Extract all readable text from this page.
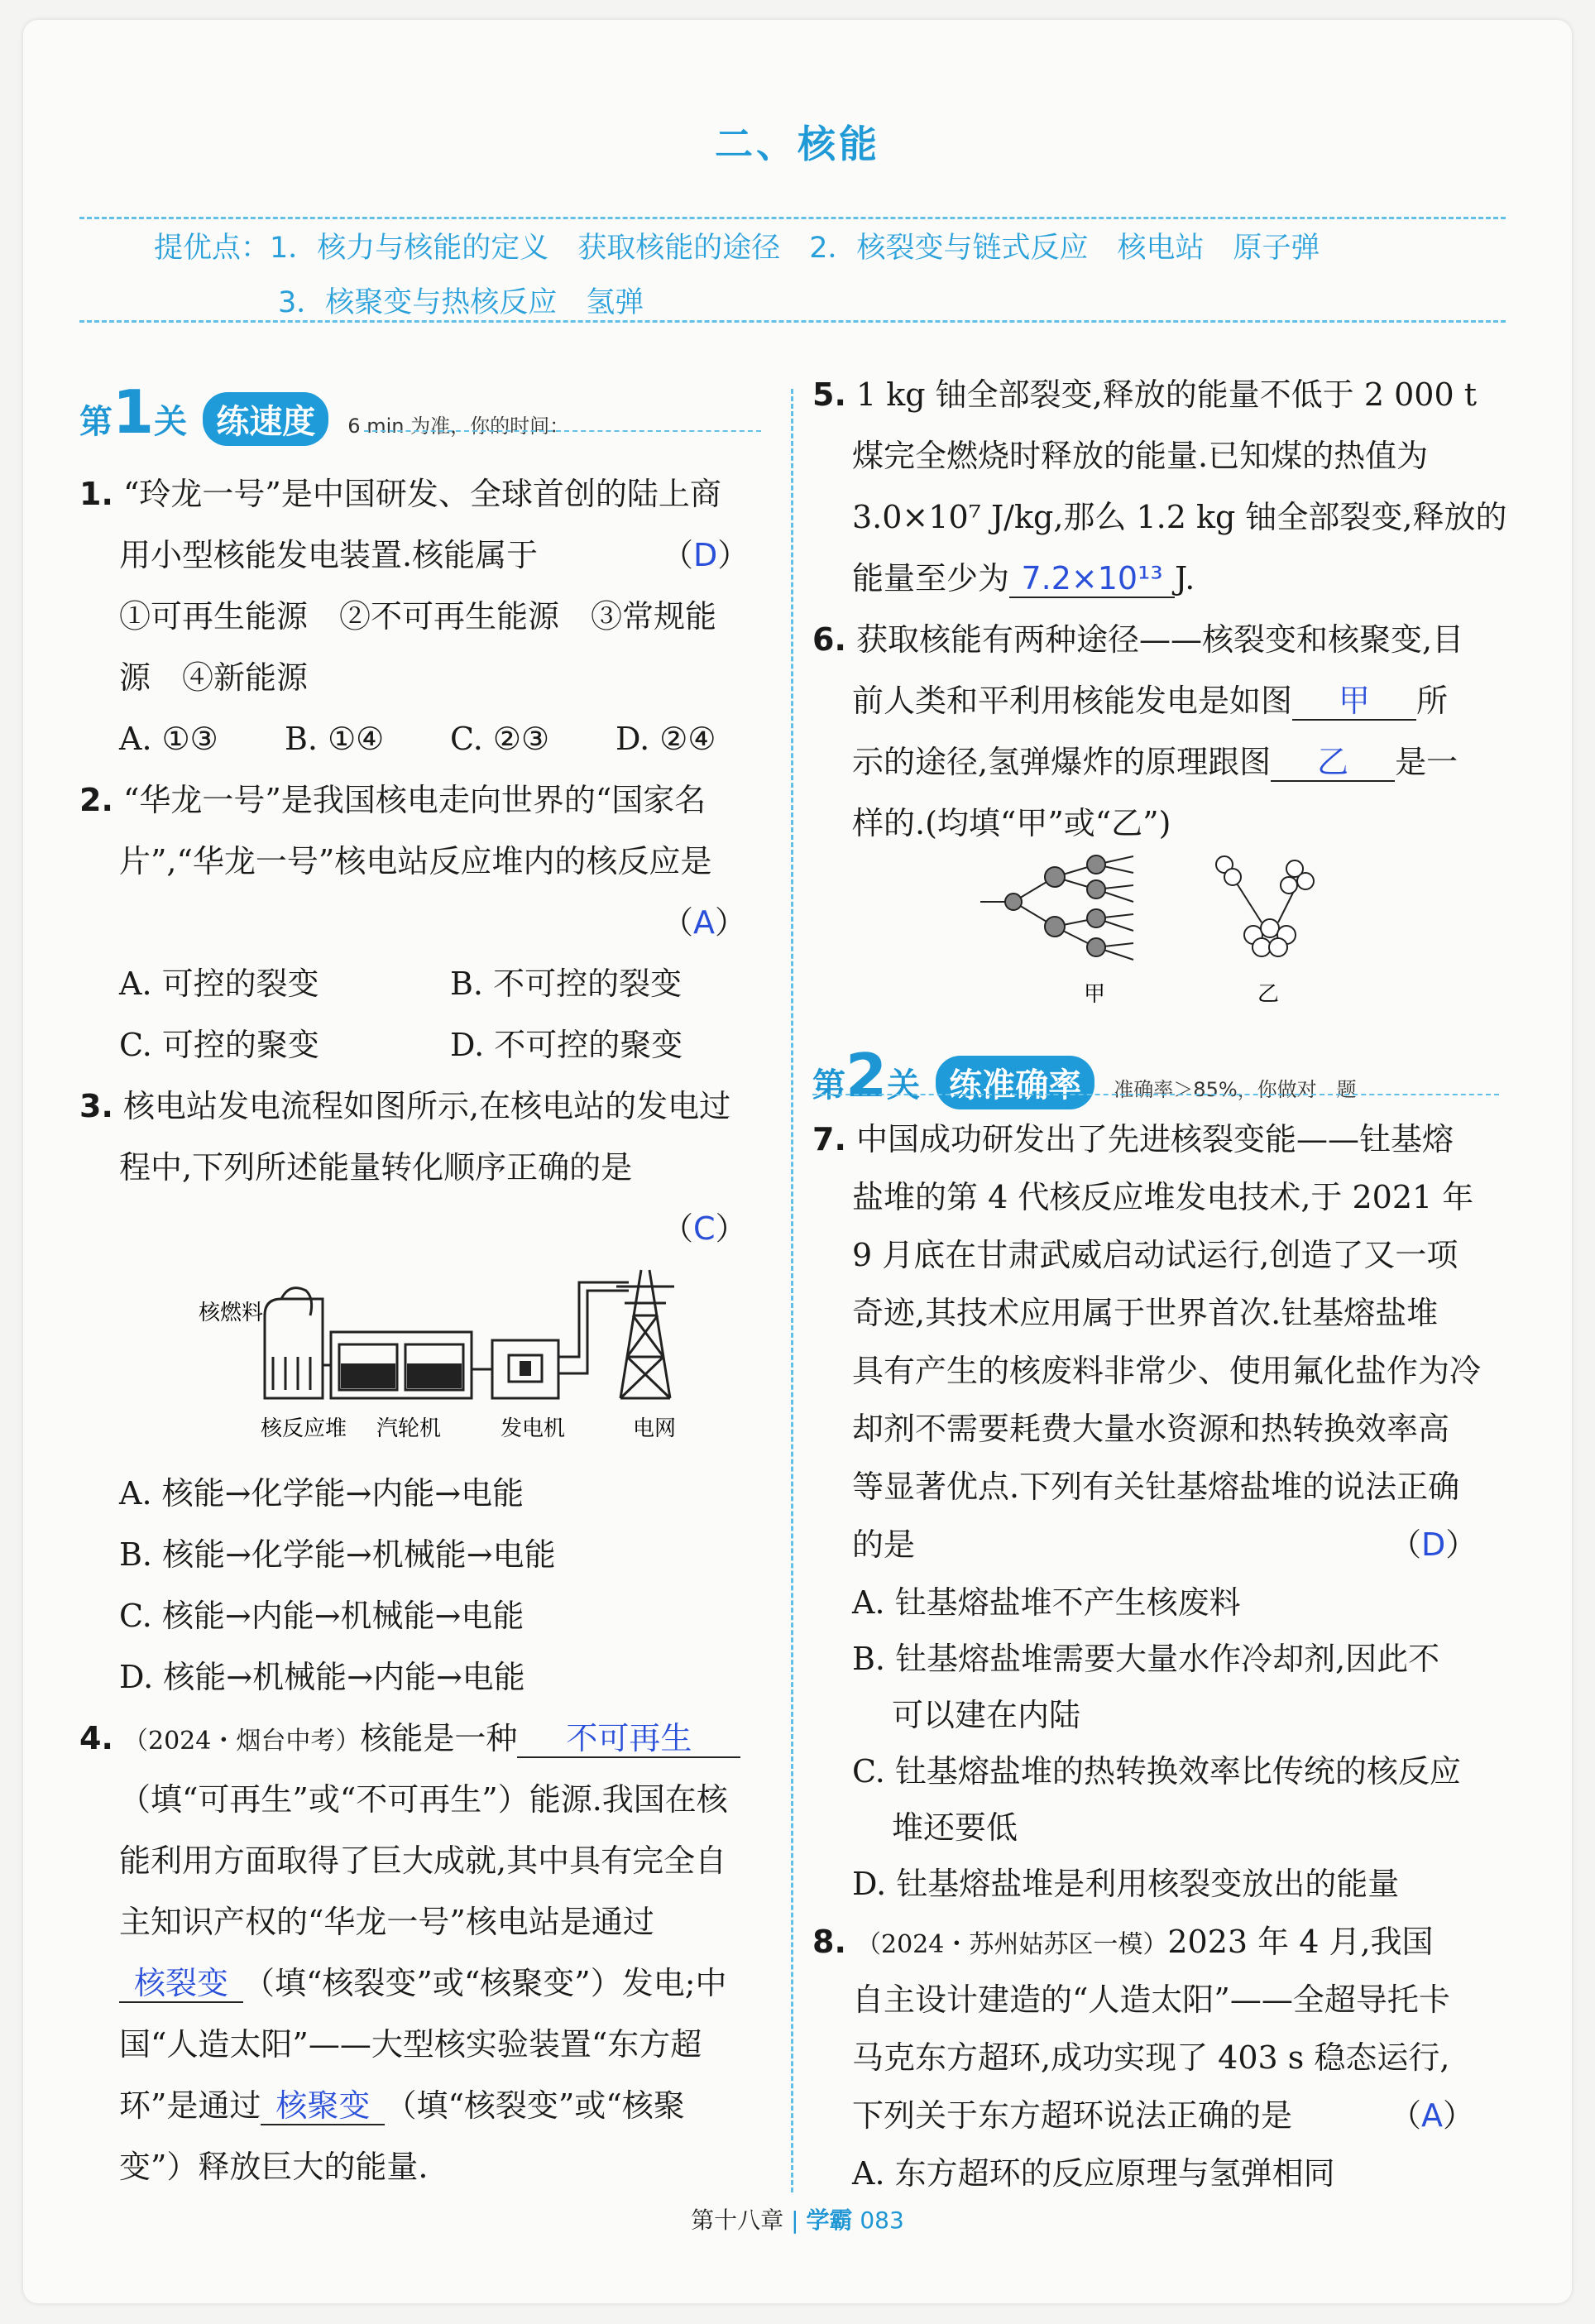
二、核能
提优点：1．核力与核能的定义　获取核能的途径　2．核裂变与链式反应　核电站　原子弹
3．核聚变与热核反应　氢弹
第1关 练速度 6 min 为准，你的时间：
1. “玲龙一号”是中国研发、全球首创的陆上商
用小型核能发电装置.核能属于	（D）
①可再生能源　②不可再生能源　③常规能
源　④新能源
A. ①③ B. ①④ C. ②③ D. ②④
2. “华龙一号”是我国核电走向世界的“国家名
片”,“华龙一号”核电站反应堆内的核反应是
（A）
A. 可控的裂变	B. 不可控的裂变
C. 可控的聚变	D. 不可控的聚变
3. 核电站发电流程如图所示,在核电站的发电过
程中,下列所述能量转化顺序正确的是
（C）
核燃料
核反应堆 汽轮机	发电机	电网
A. 核能→化学能→内能→电能
B. 核能→化学能→机械能→电能
C. 核能→内能→机械能→电能
D. 核能→机械能→内能→电能
4. （2024・烟台中考）核能是一种 不可再生
（填“可再生”或“不可再生”）能源.我国在核
能利用方面取得了巨大成就,其中具有完全自
主知识产权的“华龙一号”核电站是通过
核裂变 （填“核裂变”或“核聚变”）发电;中
国“人造太阳”——大型核实验装置“东方超
环”是通过 核聚变 （填“核裂变”或“核聚
变”）释放巨大的能量.
5. 1 kg 铀全部裂变,释放的能量不低于 2 000 t
煤完全燃烧时释放的能量.已知煤的热值为
3.0×10⁷ J/kg,那么 1.2 kg 铀全部裂变,释放的
能量至少为 7.2×10¹³ J.
6. 获取核能有两种途径——核裂变和核聚变,目
前人类和平利用核能发电是如图 甲 所
示的途径,氢弹爆炸的原理跟图 乙 是一
样的.(均填“甲”或“乙”)
甲	乙
第2关 练准确率 准确率＞85%，你做对　题
7. 中国成功研发出了先进核裂变能——钍基熔
盐堆的第 4 代核反应堆发电技术,于 2021 年
9 月底在甘肃武威启动试运行,创造了又一项
奇迹,其技术应用属于世界首次.钍基熔盐堆
具有产生的核废料非常少、使用氟化盐作为冷
却剂不需要耗费大量水资源和热转换效率高
等显著优点.下列有关钍基熔盐堆的说法正确
的是	（D）
A. 钍基熔盐堆不产生核废料
B. 钍基熔盐堆需要大量水作冷却剂,因此不
可以建在内陆
C. 钍基熔盐堆的热转换效率比传统的核反应
堆还要低
D. 钍基熔盐堆是利用核裂变放出的能量
8. （2024・苏州姑苏区一模）2023 年 4 月,我国
自主设计建造的“人造太阳”——全超导托卡
马克东方超环,成功实现了 403 s 稳态运行,
下列关于东方超环说法正确的是	（A）
A. 东方超环的反应原理与氢弹相同
第十八章 | 学霸 083
